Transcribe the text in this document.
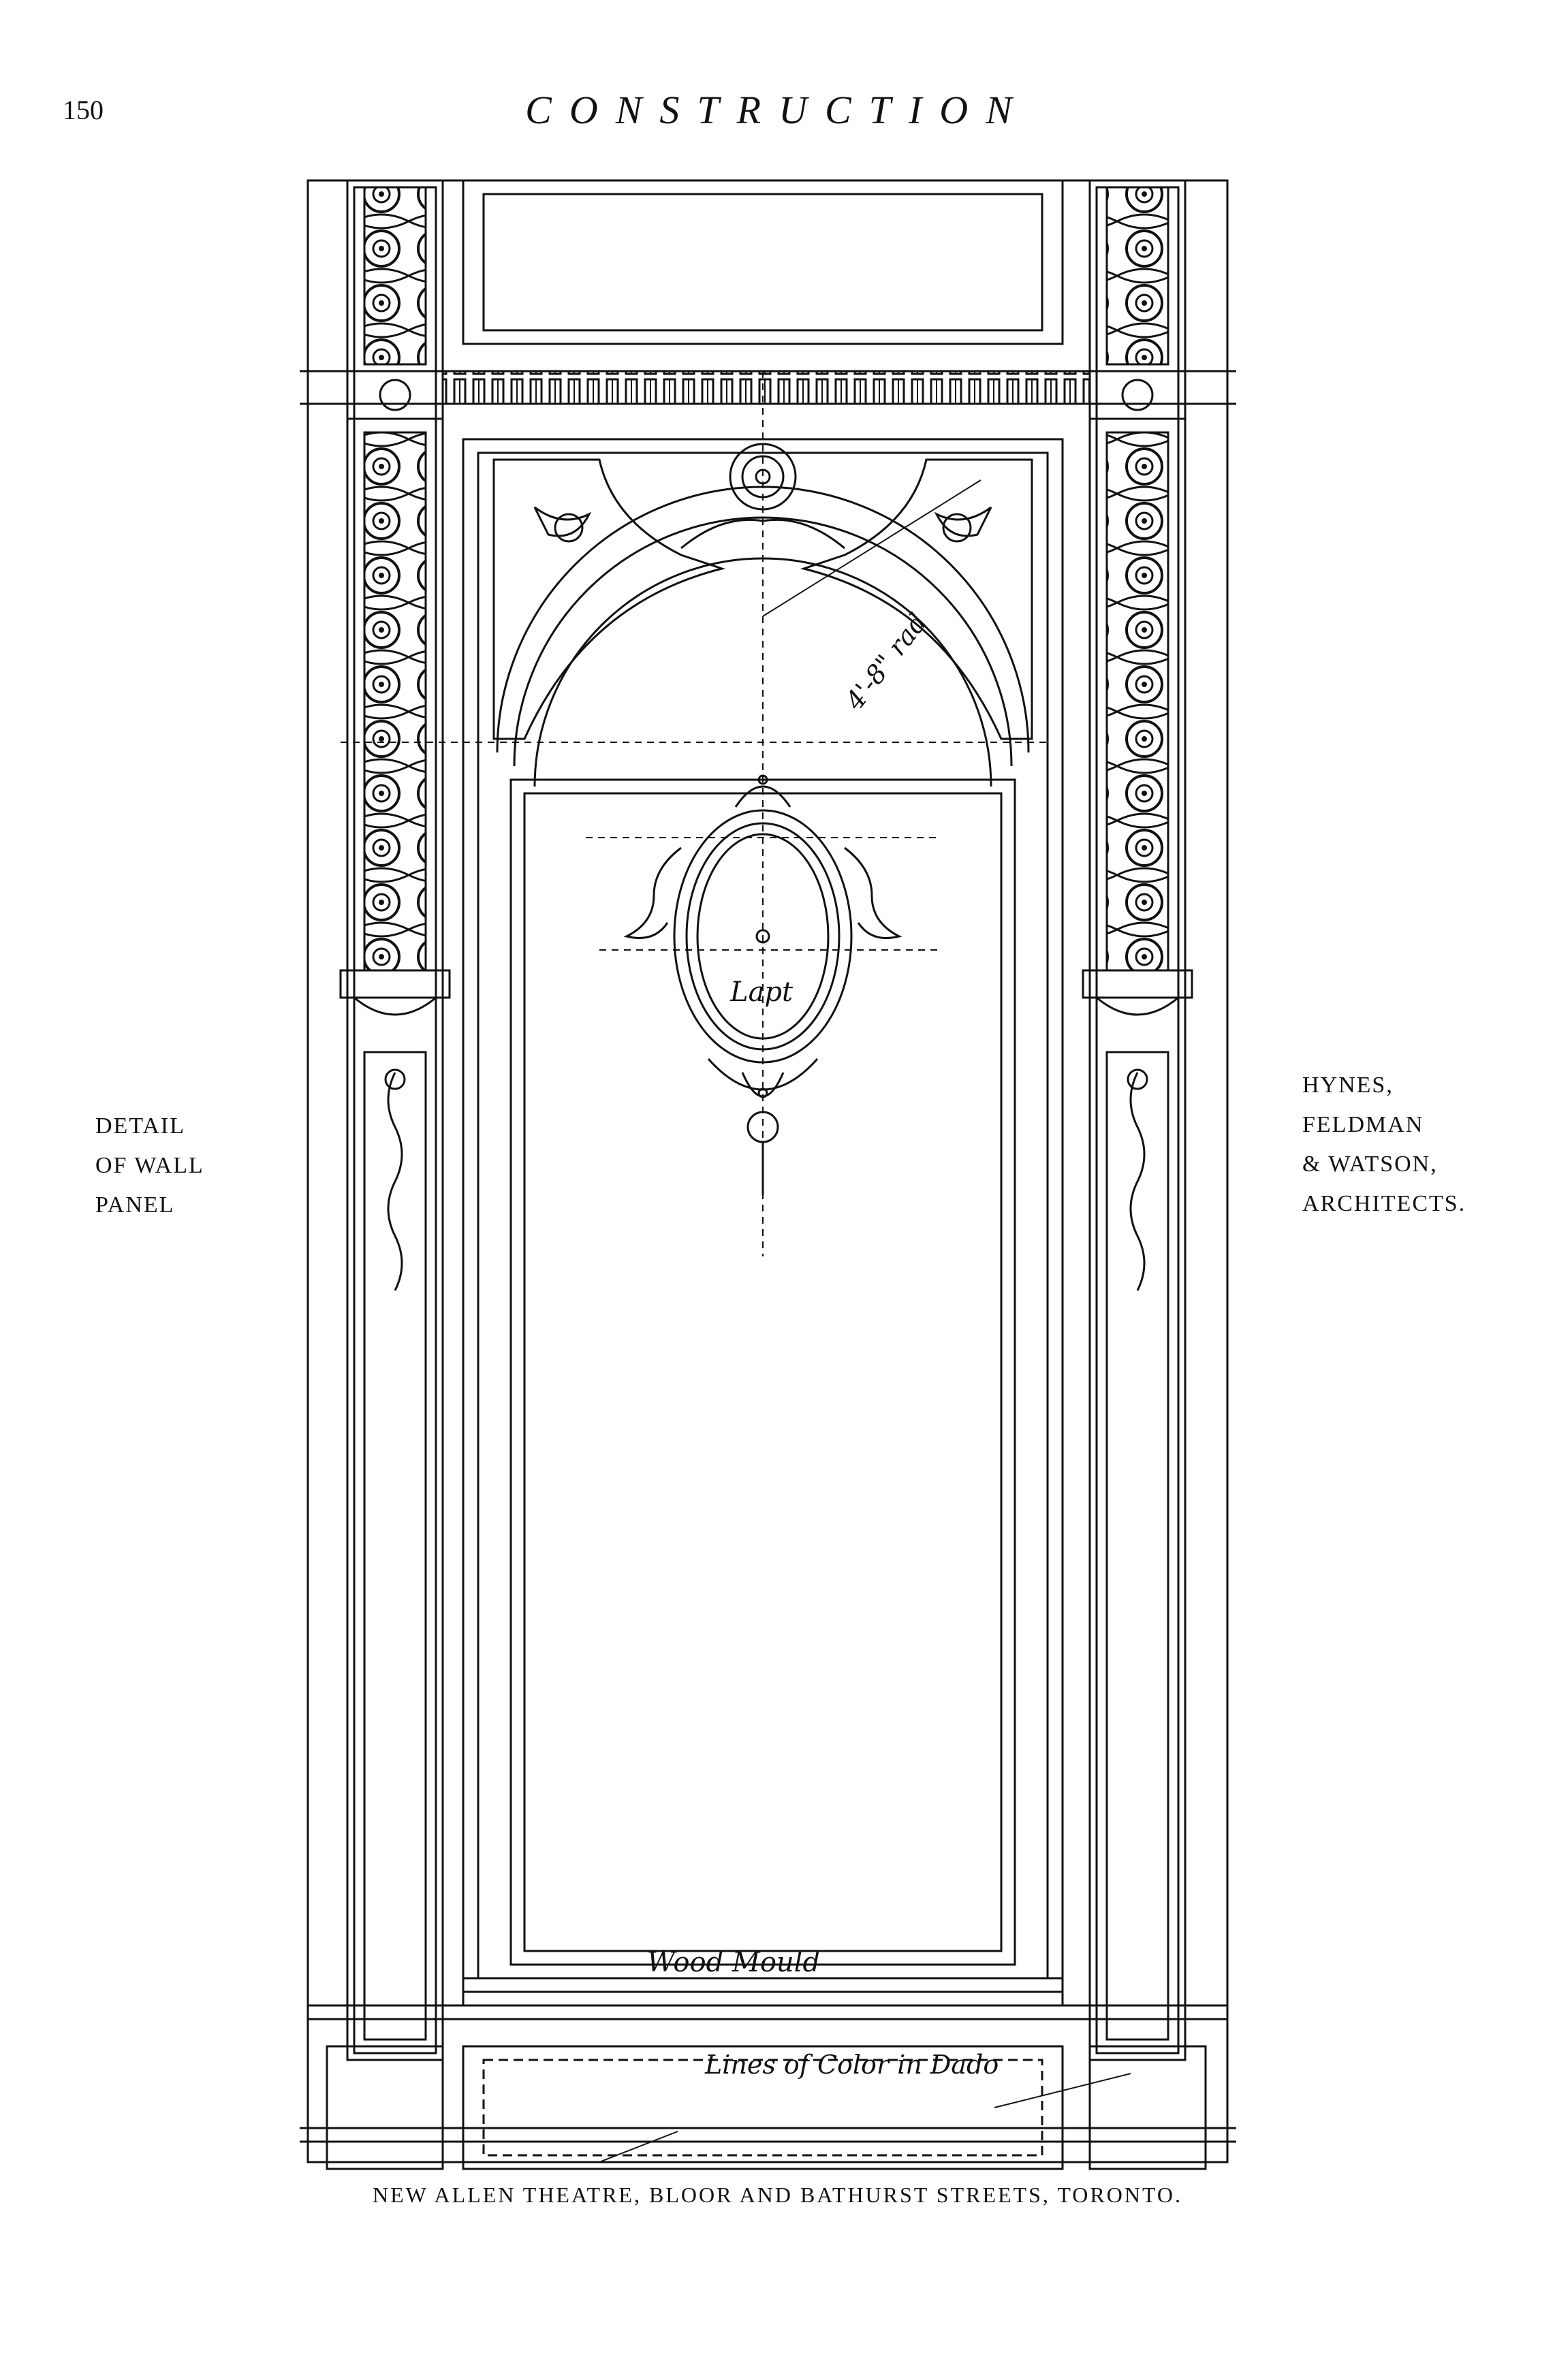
150	CONSTRUCTION
DETAIL
OF WALL
PANEL
HYNES,
FELDMAN
& WATSON,
ARCHITECTS.
4'-8" rad
Lapt
Wood Mould
Lines of Color in Dado
NEW ALLEN THEATRE, BLOOR AND BATHURST STREETS, TORONTO.
